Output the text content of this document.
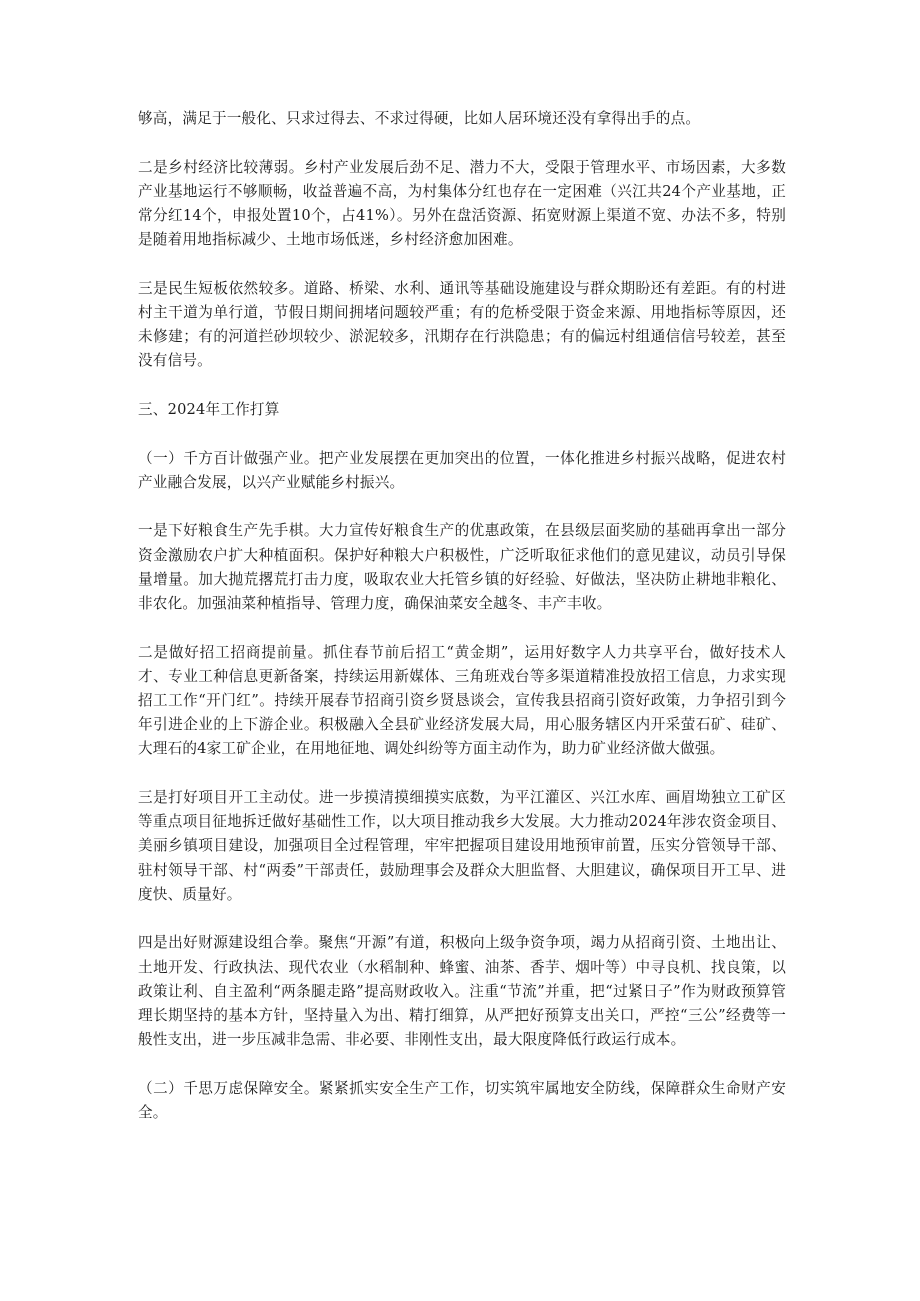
够高，满足于一般化、只求过得去、不求过得硬，比如人居环境还没有拿得出手的点。

二是乡村经济比较薄弱。乡村产业发展后劲不足、潜力不大，受限于管理水平、市场因素，大多数产业基地运行不够顺畅，收益普遍不高，为村集体分红也存在一定困难（兴江共24个产业基地，正常分红14个，申报处置10个，占41%）。另外在盘活资源、拓宽财源上渠道不宽、办法不多，特别是随着用地指标减少、土地市场低迷，乡村经济愈加困难。

三是民生短板依然较多。道路、桥梁、水利、通讯等基础设施建设与群众期盼还有差距。有的村进村主干道为单行道，节假日期间拥堵问题较严重；有的危桥受限于资金来源、用地指标等原因，还未修建；有的河道拦砂坝较少、淤泥较多，汛期存在行洪隐患；有的偏远村组通信信号较差，甚至没有信号。

三、2024年工作打算

（一）千方百计做强产业。把产业发展摆在更加突出的位置，一体化推进乡村振兴战略，促进农村产业融合发展，以兴产业赋能乡村振兴。

一是下好粮食生产先手棋。大力宣传好粮食生产的优惠政策，在县级层面奖励的基础再拿出一部分资金激励农户扩大种植面积。保护好种粮大户积极性，广泛听取征求他们的意见建议，动员引导保量增量。加大抛荒撂荒打击力度，吸取农业大托管乡镇的好经验、好做法，坚决防止耕地非粮化、非农化。加强油菜种植指导、管理力度，确保油菜安全越冬、丰产丰收。

二是做好招工招商提前量。抓住春节前后招工“黄金期”，运用好数字人力共享平台，做好技术人才、专业工种信息更新备案，持续运用新媒体、三角班戏台等多渠道精准投放招工信息，力求实现招工工作“开门红”。持续开展春节招商引资乡贤恳谈会，宣传我县招商引资好政策，力争招引到今年引进企业的上下游企业。积极融入全县矿业经济发展大局，用心服务辖区内开采萤石矿、硅矿、大理石的4家工矿企业，在用地征地、调处纠纷等方面主动作为，助力矿业经济做大做强。

三是打好项目开工主动仗。进一步摸清摸细摸实底数，为平江灌区、兴江水库、画眉坳独立工矿区等重点项目征地拆迁做好基础性工作，以大项目推动我乡大发展。大力推动2024年涉农资金项目、美丽乡镇项目建设，加强项目全过程管理，牢牢把握项目建设用地预审前置，压实分管领导干部、驻村领导干部、村“两委”干部责任，鼓励理事会及群众大胆监督、大胆建议，确保项目开工早、进度快、质量好。

四是出好财源建设组合拳。聚焦“开源”有道，积极向上级争资争项，竭力从招商引资、土地出让、土地开发、行政执法、现代农业（水稻制种、蜂蜜、油茶、香芋、烟叶等）中寻良机、找良策，以政策让利、自主盈利“两条腿走路”提高财政收入。注重“节流”并重，把“过紧日子”作为财政预算管理长期坚持的基本方针，坚持量入为出、精打细算，从严把好预算支出关口，严控“三公”经费等一般性支出，进一步压减非急需、非必要、非刚性支出，最大限度降低行政运行成本。

（二）千思万虑保障安全。紧紧抓实安全生产工作，切实筑牢属地安全防线，保障群众生命财产安全。
